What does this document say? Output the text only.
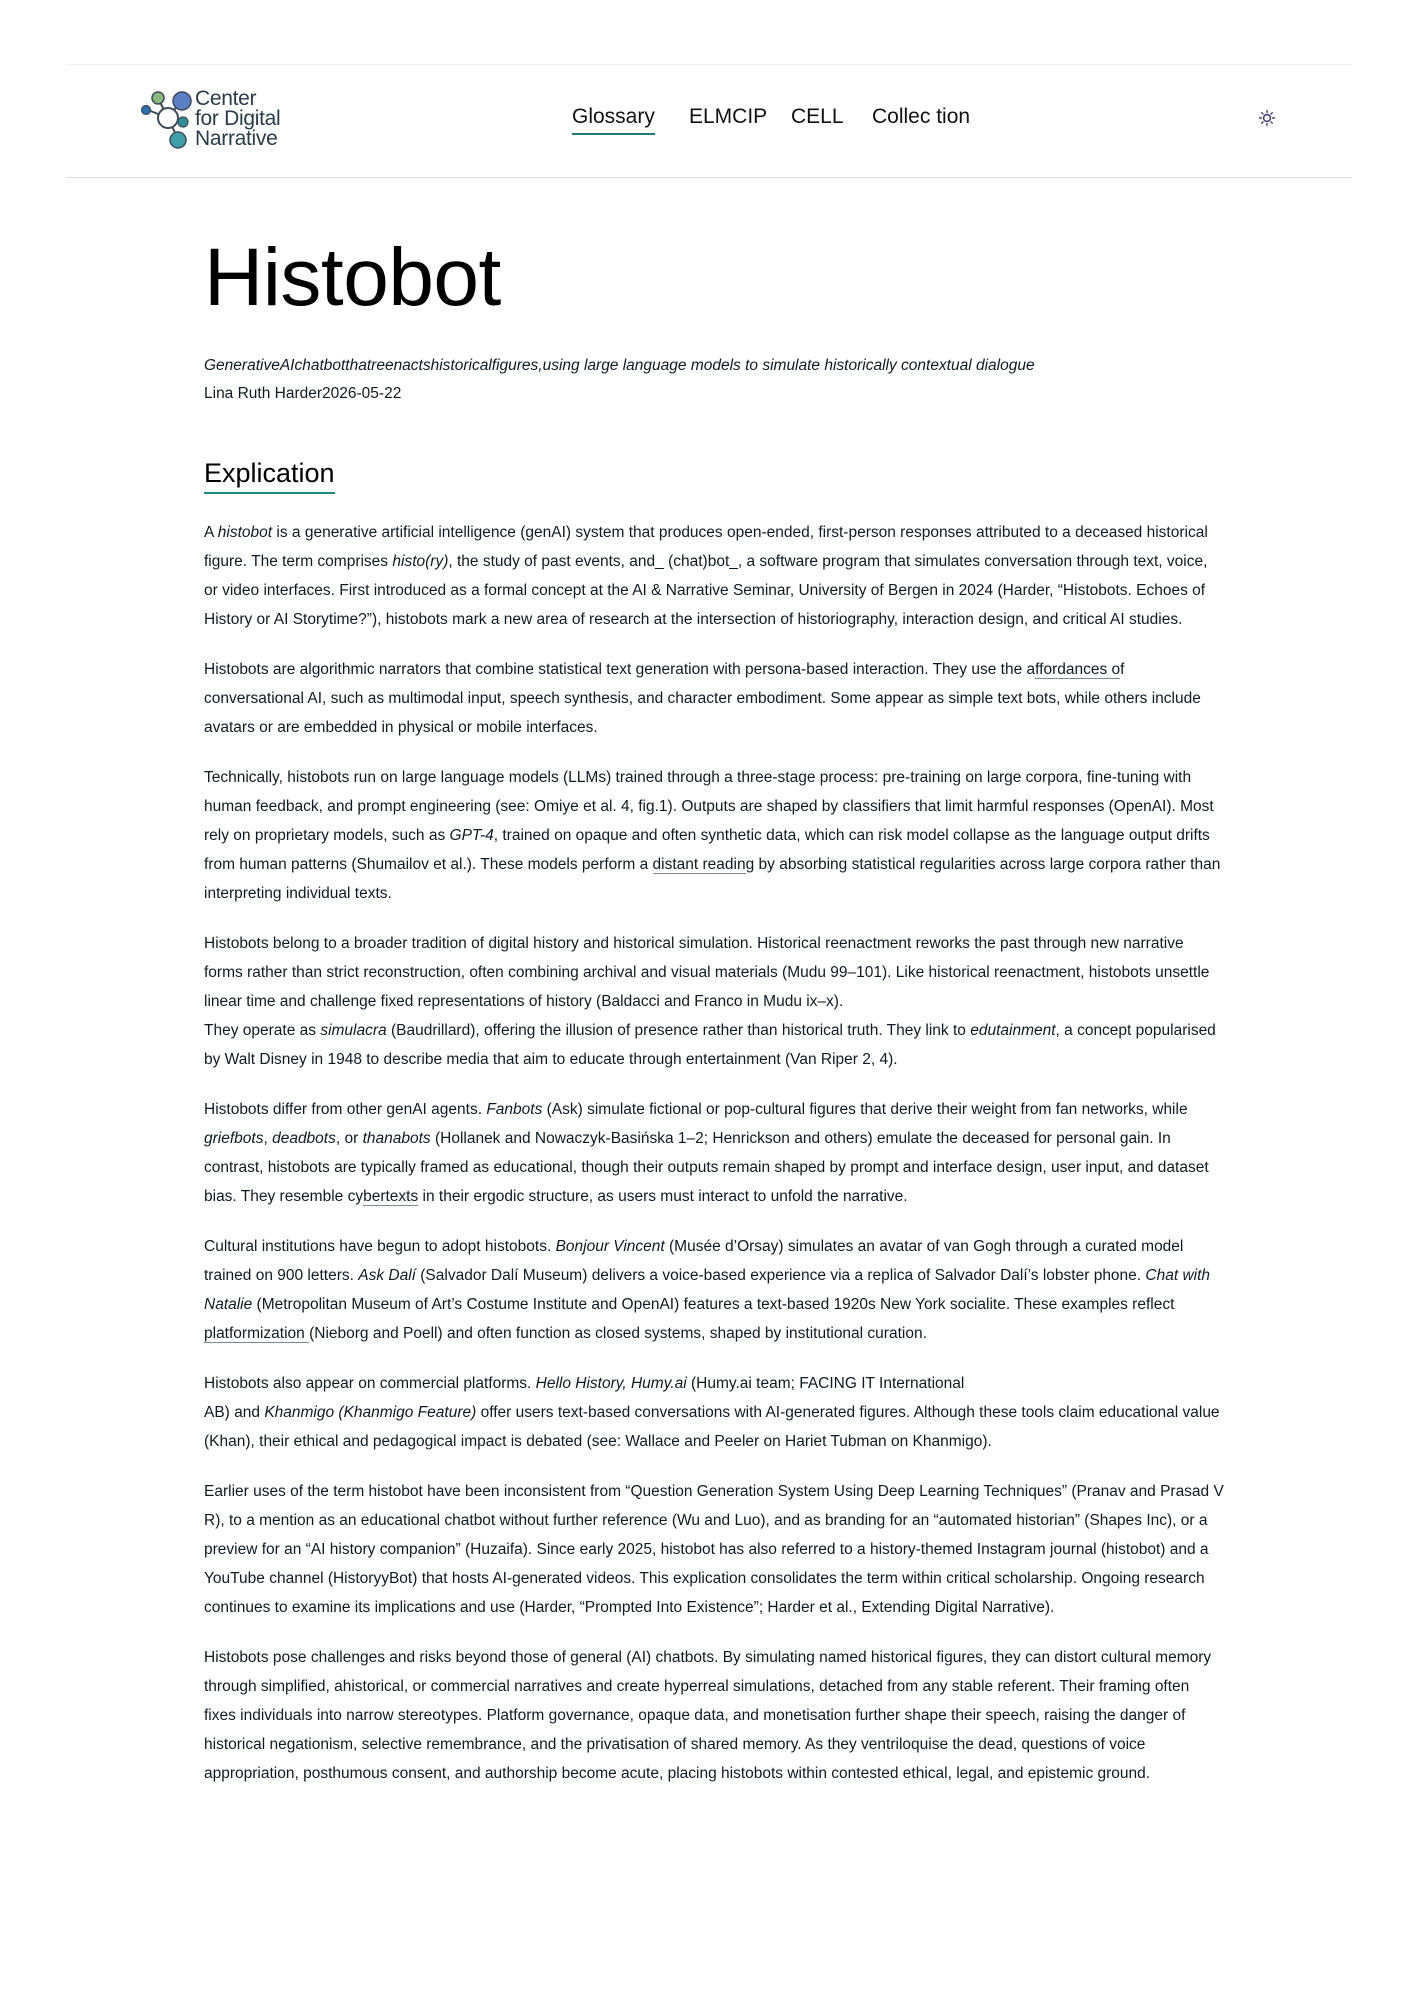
Center
for Digital
Narrative
Glossary ELMCIP CELL Collec tion
Histobot
GenerativeAIchatbotthatreenactshistoricalfigures,using large language models to simulate historically contextual dialogue
Lina Ruth Harder2026-05-22
Explication

A histobot is a generative artificial intelligence (genAI) system that produces open-ended, first-person responses attributed to a deceased historical figure. The term comprises histo(ry), the study of past events, and_ (chat)bot_, a software program that simulates conversation through text, voice, or video interfaces. First introduced as a formal concept at the AI & Narrative Seminar, University of Bergen in 2024 (Harder, “Histobots. Echoes of History or AI Storytime?”), histobots mark a new area of research at the intersection of historiography, interaction design, and critical AI studies.

Histobots are algorithmic narrators that combine statistical text generation with persona-based interaction. They use the affordances of conversational AI, such as multimodal input, speech synthesis, and character embodiment. Some appear as simple text bots, while others include avatars or are embedded in physical or mobile interfaces.

Technically, histobots run on large language models (LLMs) trained through a three-stage process: pre-training on large corpora, fine-tuning with human feedback, and prompt engineering (see: Omiye et al. 4, fig.1). Outputs are shaped by classifiers that limit harmful responses (OpenAI). Most rely on proprietary models, such as GPT-4, trained on opaque and often synthetic data, which can risk model collapse as the language output drifts from human patterns (Shumailov et al.). These models perform a distant reading by absorbing statistical regularities across large corpora rather than interpreting individual texts.

Histobots belong to a broader tradition of digital history and historical simulation. Historical reenactment reworks the past through new narrative forms rather than strict reconstruction, often combining archival and visual materials (Mudu 99–101). Like historical reenactment, histobots unsettle linear time and challenge fixed representations of history (Baldacci and Franco in Mudu ix–x).
They operate as simulacra (Baudrillard), offering the illusion of presence rather than historical truth. They link to edutainment, a concept popularised by Walt Disney in 1948 to describe media that aim to educate through entertainment (Van Riper 2, 4).

Histobots differ from other genAI agents. Fanbots (Ask) simulate fictional or pop-cultural figures that derive their weight from fan networks, while griefbots, deadbots, or thanabots (Hollanek and Nowaczyk-Basińska 1–2; Henrickson and others) emulate the deceased for personal gain. In contrast, histobots are typically framed as educational, though their outputs remain shaped by prompt and interface design, user input, and dataset bias. They resemble cybertexts in their ergodic structure, as users must interact to unfold the narrative.

Cultural institutions have begun to adopt histobots. Bonjour Vincent (Musée d’Orsay) simulates an avatar of van Gogh through a curated model trained on 900 letters. Ask Dalí (Salvador Dalí Museum) delivers a voice-based experience via a replica of Salvador Dalí’s lobster phone. Chat with Natalie (Metropolitan Museum of Art’s Costume Institute and OpenAI) features a text-based 1920s New York socialite. These examples reflect platformization (Nieborg and Poell) and often function as closed systems, shaped by institutional curation.

Histobots also appear on commercial platforms. Hello History, Humy.ai (Humy.ai team; FACING IT International
AB) and Khanmigo (Khanmigo Feature) offer users text-based conversations with AI-generated figures. Although these tools claim educational value (Khan), their ethical and pedagogical impact is debated (see: Wallace and Peeler on Hariet Tubman on Khanmigo).

Earlier uses of the term histobot have been inconsistent from “Question Generation System Using Deep Learning Techniques” (Pranav and Prasad V R), to a mention as an educational chatbot without further reference (Wu and Luo), and as branding for an “automated historian” (Shapes Inc), or a preview for an “AI history companion” (Huzaifa). Since early 2025, histobot has also referred to a history-themed Instagram journal (histobot) and a YouTube channel (HistoryyBot) that hosts AI-generated videos. This explication consolidates the term within critical scholarship. Ongoing research continues to examine its implications and use (Harder, “Prompted Into Existence”; Harder et al., Extending Digital Narrative).

Histobots pose challenges and risks beyond those of general (AI) chatbots. By simulating named historical figures, they can distort cultural memory through simplified, ahistorical, or commercial narratives and create hyperreal simulations, detached from any stable referent. Their framing often fixes individuals into narrow stereotypes. Platform governance, opaque data, and monetisation further shape their speech, raising the danger of historical negationism, selective remembrance, and the privatisation of shared memory. As they ventriloquise the dead, questions of voice appropriation, posthumous consent, and authorship become acute, placing histobots within contested ethical, legal, and epistemic ground.
